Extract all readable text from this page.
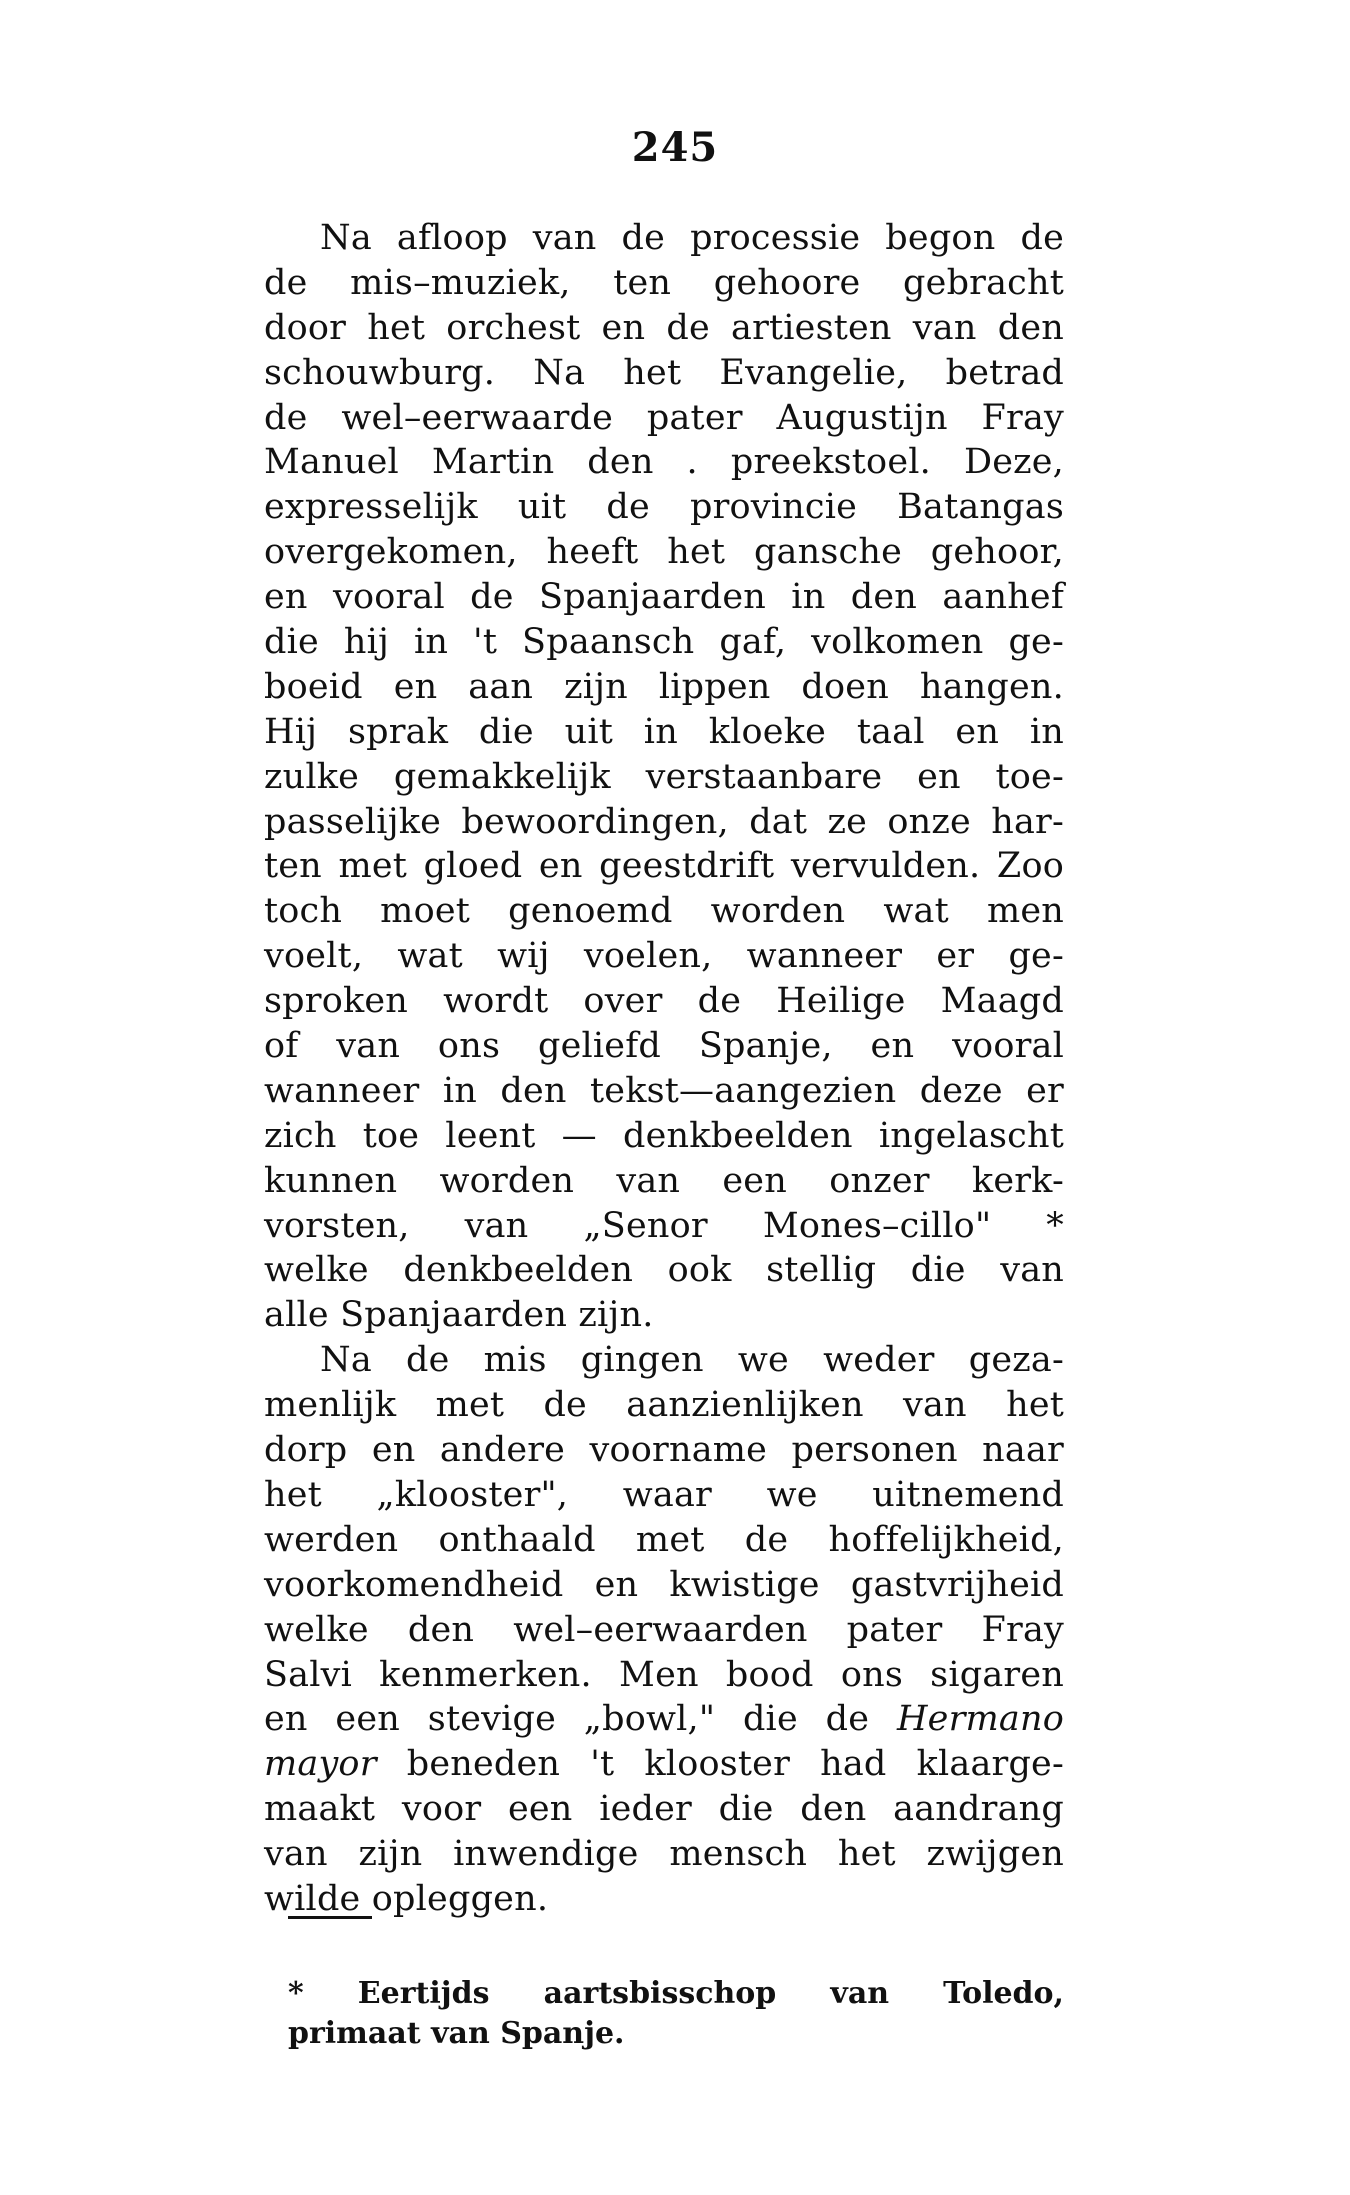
245
Na afloop van de processie begon de
de mis–muziek, ten gehoore gebracht
door het orchest en de artiesten van den
schouwburg. Na het Evangelie, betrad
de wel–eerwaarde pater Augustijn Fray
Manuel Martin den . preekstoel. Deze,
expresselijk uit de provincie Batangas
overgekomen, heeft het gansche gehoor,
en vooral de Spanjaarden in den aanhef
die hij in 't Spaansch gaf, volkomen ge-
boeid en aan zijn lippen doen hangen.
Hij sprak die uit in kloeke taal en in
zulke gemakkelijk verstaanbare en toe-
passelijke bewoordingen, dat ze onze har-
ten met gloed en geestdrift vervulden. Zoo
toch moet genoemd worden wat men
voelt, wat wij voelen, wanneer er ge-
sproken wordt over de Heilige Maagd
of van ons geliefd Spanje, en vooral
wanneer in den tekst—aangezien deze er
zich toe leent — denkbeelden ingelascht
kunnen worden van een onzer kerk-
vorsten, van „Senor Mones–cillo" *
welke denkbeelden ook stellig die van
alle Spanjaarden zijn.
Na de mis gingen we weder geza-
menlijk met de aanzienlijken van het
dorp en andere voorname personen naar
het „klooster", waar we uitnemend
werden onthaald met de hoffelijkheid,
voorkomendheid en kwistige gastvrijheid
welke den wel–eerwaarden pater Fray
Salvi kenmerken. Men bood ons sigaren
en een stevige „bowl," die de Hermano
mayor beneden 't klooster had klaarge-
maakt voor een ieder die den aandrang
van zijn inwendige mensch het zwijgen
wilde opleggen.
* Eertijds aartsbisschop van Toledo,
primaat van Spanje.
